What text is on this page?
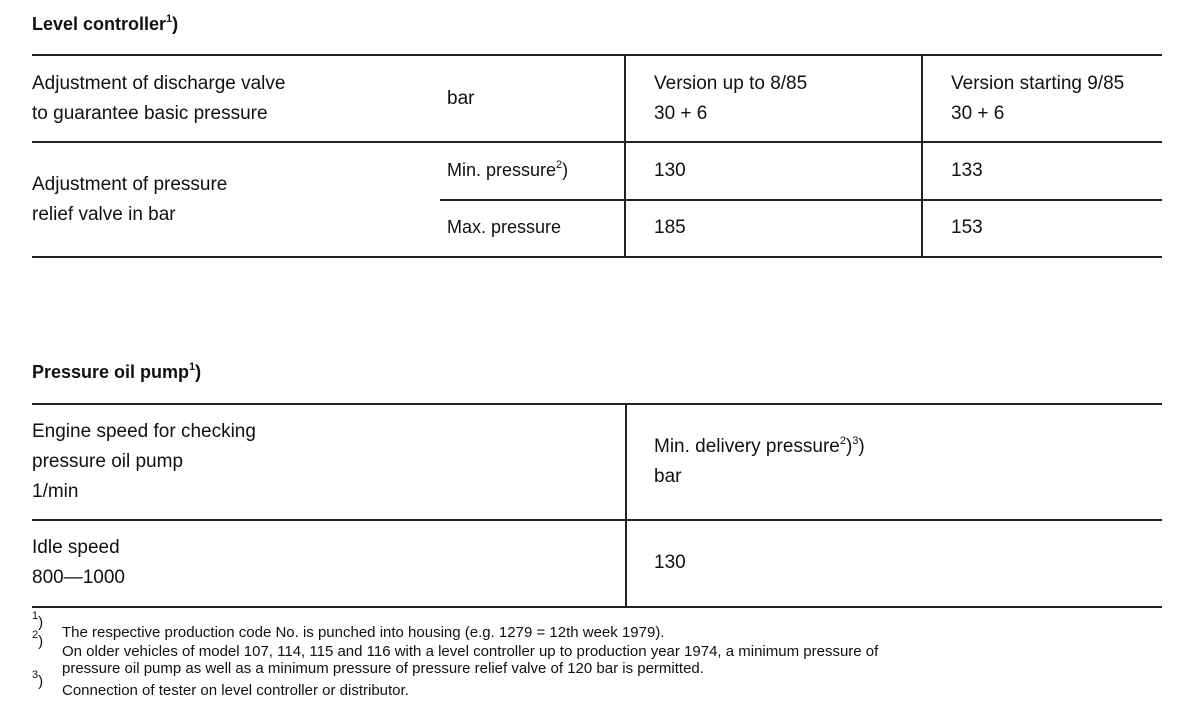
Level controller$^1$)
Adjustment of discharge valve
to guarantee basic pressure
bar
Version up to 8/85
30 + 6
Version starting 9/85
30 + 6
Adjustment of pressure
relief valve in bar
Min. pressure$^2$)
Max. pressure
130	133
185	153
Pressure oil pump$^1$)
Engine speed for checking
pressure oil pump
1/min
Min. delivery pressure$^2$)$^3$)
bar
Idle speed
800—1000
130
$^1$)
The respective production code No. is punched into housing (e.g. 1279 = 12th week 1979).
$^2$)
On older vehicles of model 107, 114, 115 and 116 with a level controller up to production year 1974, a minimum pressure of
pressure oil pump as well as a minimum pressure of pressure relief valve of 120 bar is permitted.
$^3$)
Connection of tester on level controller or distributor.
